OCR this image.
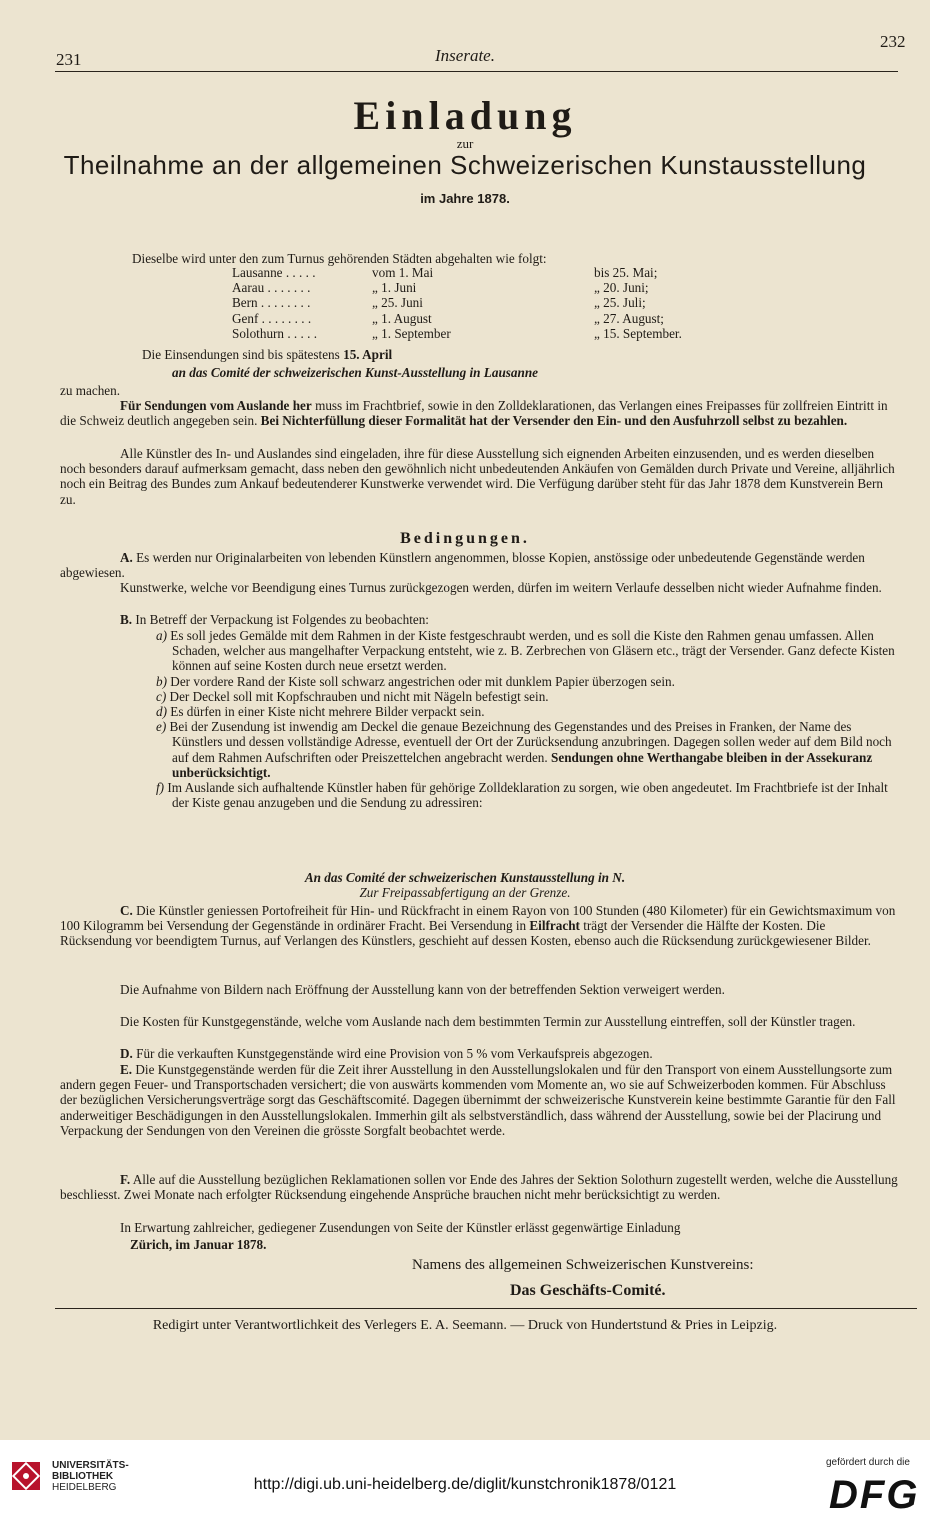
231	Inserate.
232
Einladung
zur
Theilnahme an der allgemeinen Schweizerischen Kunstausstellung
im Jahre 1878.
Dieselbe wird unter den zum Turnus gehörenden Städten abgehalten wie folgt:
Lausanne . . . . .	vom 1. Mai	bis 25. Mai;
Aarau . . . . . . .	„ 1. Juni	„ 20. Juni;
Bern . . . . . . . .	„ 25. Juni	„ 25. Juli;
Genf . . . . . . . .	„ 1. August	„ 27. August;
Solothurn . . . . .	„ 1. September	„ 15. September.
Die Einsendungen sind bis spätestens 15. April
an das Comité der schweizerischen Kunst-Ausstellung in Lausanne
zu machen.
Für Sendungen vom Auslande her muss im Frachtbrief, sowie in den Zolldeklarationen, das Verlangen eines Freipasses für zollfreien Eintritt in die Schweiz deutlich angegeben sein. Bei Nichterfüllung dieser Formalität hat der Versender den Ein- und den Ausfuhrzoll selbst zu bezahlen.
Alle Künstler des In- und Auslandes sind eingeladen, ihre für diese Ausstellung sich eignenden Arbeiten einzusenden, und es werden dieselben noch besonders darauf aufmerksam gemacht, dass neben den gewöhnlich nicht unbedeutenden Ankäufen von Gemälden durch Private und Vereine, alljährlich noch ein Beitrag des Bundes zum Ankauf bedeutenderer Kunstwerke verwendet wird. Die Verfügung darüber steht für das Jahr 1878 dem Kunstverein Bern zu.
Bedingungen.
A. Es werden nur Originalarbeiten von lebenden Künstlern angenommen, blosse Kopien, anstössige oder unbedeutende Gegenstände werden abgewiesen.
Kunstwerke, welche vor Beendigung eines Turnus zurückgezogen werden, dürfen im weitern Verlaufe desselben nicht wieder Aufnahme finden.
B. In Betreff der Verpackung ist Folgendes zu beobachten:
a) Es soll jedes Gemälde mit dem Rahmen in der Kiste festgeschraubt werden, und es soll die Kiste den Rahmen genau umfassen. Allen Schaden, welcher aus mangelhafter Verpackung entsteht, wie z. B. Zerbrechen von Gläsern etc., trägt der Versender. Ganz defecte Kisten können auf seine Kosten durch neue ersetzt werden.
b) Der vordere Rand der Kiste soll schwarz angestrichen oder mit dunklem Papier überzogen sein.
c) Der Deckel soll mit Kopfschrauben und nicht mit Nägeln befestigt sein.
d) Es dürfen in einer Kiste nicht mehrere Bilder verpackt sein.
e) Bei der Zusendung ist inwendig am Deckel die genaue Bezeichnung des Gegenstandes und des Preises in Franken, der Name des Künstlers und dessen vollständige Adresse, eventuell der Ort der Zurücksendung anzubringen. Dagegen sollen weder auf dem Bild noch auf dem Rahmen Aufschriften oder Preiszettelchen angebracht werden. Sendungen ohne Werthangabe bleiben in der Assekuranz unberücksichtigt.
f) Im Auslande sich aufhaltende Künstler haben für gehörige Zolldeklaration zu sorgen, wie oben angedeutet. Im Frachtbriefe ist der Inhalt der Kiste genau anzugeben und die Sendung zu adressiren:
An das Comité der schweizerischen Kunstausstellung in N.
Zur Freipassabfertigung an der Grenze.
C. Die Künstler geniessen Portofreiheit für Hin- und Rückfracht in einem Rayon von 100 Stunden (480 Kilometer) für ein Gewichtsmaximum von 100 Kilogramm bei Versendung der Gegenstände in ordinärer Fracht. Bei Versendung in Eilfracht trägt der Versender die Hälfte der Kosten. Die Rücksendung vor beendigtem Turnus, auf Verlangen des Künstlers, geschieht auf dessen Kosten, ebenso auch die Rücksendung zurückgewiesener Bilder.
Die Aufnahme von Bildern nach Eröffnung der Ausstellung kann von der betreffenden Sektion verweigert werden.
Die Kosten für Kunstgegenstände, welche vom Auslande nach dem bestimmten Termin zur Ausstellung eintreffen, soll der Künstler tragen.
D. Für die verkauften Kunstgegenstände wird eine Provision von 5 % vom Verkaufspreis abgezogen.
E. Die Kunstgegenstände werden für die Zeit ihrer Ausstellung in den Ausstellungslokalen und für den Transport von einem Ausstellungsorte zum andern gegen Feuer- und Transportschaden versichert; die von auswärts kommenden vom Momente an, wo sie auf Schweizerboden kommen. Für Abschluss der bezüglichen Versicherungsverträge sorgt das Geschäftscomité. Dagegen übernimmt der schweizerische Kunstverein keine bestimmte Garantie für den Fall anderweitiger Beschädigungen in den Ausstellungslokalen. Immerhin gilt als selbstverständlich, dass während der Ausstellung, sowie bei der Placirung und Verpackung der Sendungen von den Vereinen die grösste Sorgfalt beobachtet werde.
F. Alle auf die Ausstellung bezüglichen Reklamationen sollen vor Ende des Jahres der Sektion Solothurn zugestellt werden, welche die Ausstellung beschliesst. Zwei Monate nach erfolgter Rücksendung eingehende Ansprüche brauchen nicht mehr berücksichtigt zu werden.
In Erwartung zahlreicher, gediegener Zusendungen von Seite der Künstler erlässt gegenwärtige Einladung
Zürich, im Januar 1878.
Namens des allgemeinen Schweizerischen Kunstvereins:
Das Geschäfts-Comité.
Redigirt unter Verantwortlichkeit des Verlegers E. A. Seemann. — Druck von Hundertstund & Pries in Leipzig.
UNIVERSITÄTS-
BIBLIOTHEK
HEIDELBERG	http://digi.ub.uni-heidelberg.de/diglit/kunstchronik1878/0121
gefördert durch die
DFG
